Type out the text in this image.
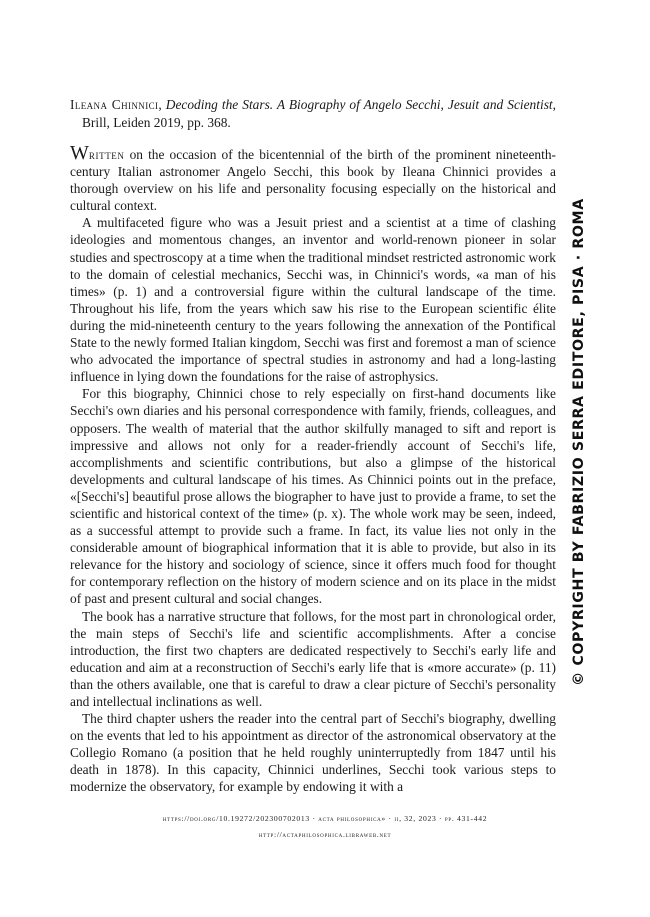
Ileana Chinnici, Decoding the Stars. A Biography of Angelo Secchi, Jesuit and Scientist, Brill, Leiden 2019, pp. 368.

Written on the occasion of the bicentennial of the birth of the prominent nineteenth-century Italian astronomer Angelo Secchi, this book by Ileana Chinnici provides a thorough overview on his life and personality focusing especially on the historical and cultural context.

A multifaceted figure who was a Jesuit priest and a scientist at a time of clashing ideologies and momentous changes, an inventor and world-renown pioneer in solar studies and spectroscopy at a time when the traditional mindset restricted astronomic work to the domain of celestial mechanics, Secchi was, in Chinnici's words, «a man of his times» (p. 1) and a controversial figure within the cultural landscape of the time. Throughout his life, from the years which saw his rise to the European scientific élite during the mid-nineteenth century to the years following the annexation of the Pontifical State to the newly formed Italian kingdom, Secchi was first and foremost a man of science who advocated the importance of spectral studies in astronomy and had a long-lasting influence in lying down the foundations for the raise of astrophysics.

For this biography, Chinnici chose to rely especially on first-hand documents like Secchi's own diaries and his personal correspondence with family, friends, colleagues, and opposers. The wealth of material that the author skilfully managed to sift and report is impressive and allows not only for a reader-friendly account of Secchi's life, accomplishments and scientific contributions, but also a glimpse of the historical developments and cultural landscape of his times. As Chinnici points out in the preface, «[Secchi's] beautiful prose allows the biographer to have just to provide a frame, to set the scientific and historical context of the time» (p. x). The whole work may be seen, indeed, as a successful attempt to provide such a frame. In fact, its value lies not only in the considerable amount of biographical information that it is able to provide, but also in its relevance for the history and sociology of science, since it offers much food for thought for contemporary reflection on the history of modern science and on its place in the midst of past and present cultural and social changes.

The book has a narrative structure that follows, for the most part in chronological order, the main steps of Secchi's life and scientific accomplishments. After a concise introduction, the first two chapters are dedicated respectively to Secchi's early life and education and aim at a reconstruction of Secchi's early life that is «more accurate» (p. 11) than the others available, one that is careful to draw a clear picture of Secchi's personality and intellectual inclinations as well.

The third chapter ushers the reader into the central part of Secchi's biography, dwelling on the events that led to his appointment as director of the astronomical observatory at the Collegio Romano (a position that he held roughly uninterruptedly from 1847 until his death in 1878). In this capacity, Chinnici underlines, Secchi took various steps to modernize the observatory, for example by endowing it with a

https://doi.org/10.19272/202300702013 · acta philosophica» · ii, 32, 2023 · pp. 431-442
http://actaphilosophica.libraweb.net
© COPYRIGHT BY FABRIZIO SERRA EDITORE, PISA · ROMA
